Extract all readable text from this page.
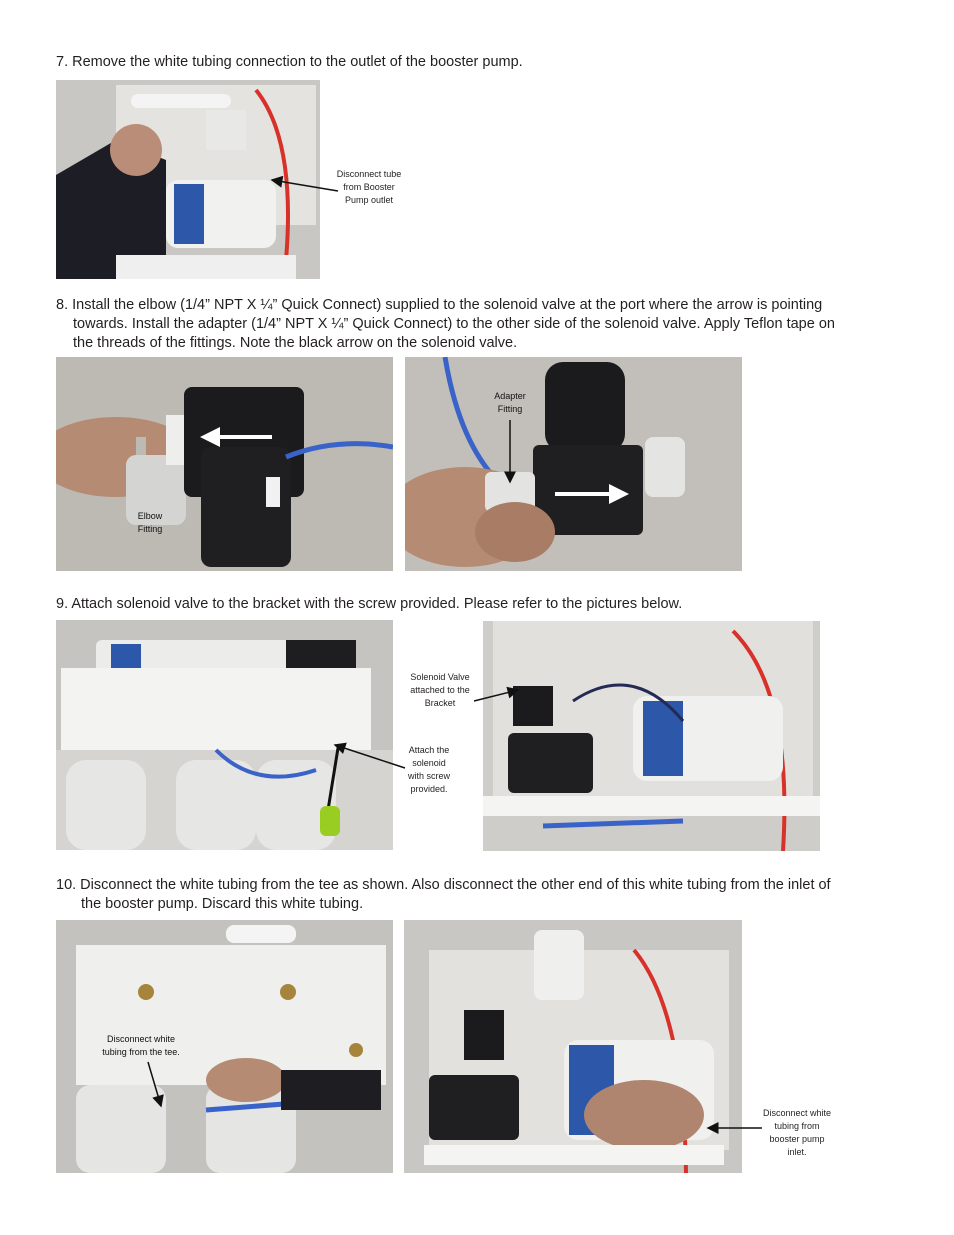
7. Remove the white tubing connection to the outlet of the booster pump.

Disconnect tube
from Booster
Pump outlet

8. Install the elbow (1/4” NPT X ¼” Quick Connect) supplied to the solenoid valve at the port where the arrow is pointing
towards. Install the adapter (1/4” NPT X ¼” Quick Connect) to the other side of the solenoid valve. Apply Teflon tape on
the threads of the fittings. Note the black arrow on the solenoid valve.

Elbow
Fitting
Adapter
Fitting

9. Attach solenoid valve to the bracket with the screw provided. Please refer to the pictures below.

Solenoid Valve
attached to the
Bracket
Attach the
solenoid
with screw
provided.

10. Disconnect the white tubing from the tee as shown. Also disconnect the other end of this white tubing from the inlet of
the booster pump. Discard this white tubing.

Disconnect white
tubing from the tee.
Disconnect white
tubing from
booster pump
inlet.
